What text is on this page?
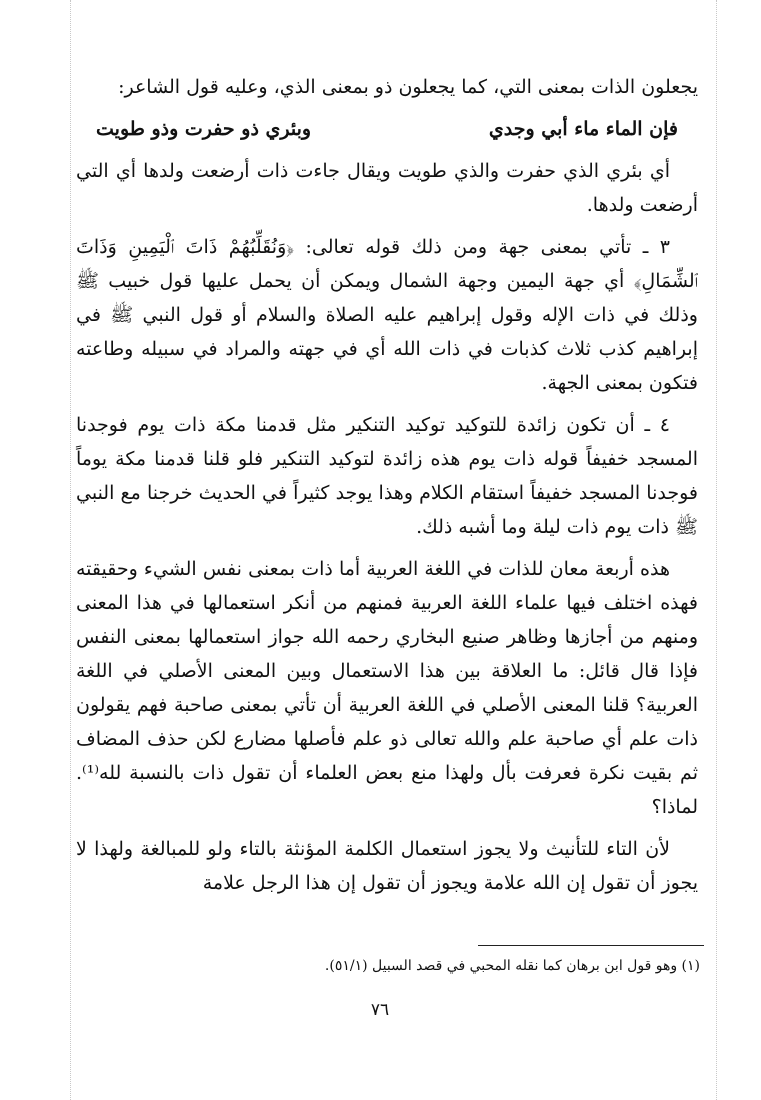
يجعلون الذات بمعنى التي، كما يجعلون ذو بمعنى الذي، وعليه قول الشاعر:

فإن الماء ماء أبي وجدي
وبئري ذو حفرت وذو طويت

أي بئري الذي حفرت والذي طويت ويقال جاءت ذات أرضعت ولدها أي التي أرضعت ولدها.

٣ ـ تأتي بمعنى جهة ومن ذلك قوله تعالى: ﴿وَنُقَلِّبُهُمْ ذَاتَ ٱلْيَمِينِ وَذَاتَ ٱلشِّمَالِ﴾ أي جهة اليمين وجهة الشمال ويمكن أن يحمل عليها قول خبيب ﷺ وذلك في ذات الإله وقول إبراهيم عليه الصلاة والسلام أو قول النبي ﷺ في إبراهيم كذب ثلاث كذبات في ذات الله أي في جهته والمراد في سبيله وطاعته فتكون بمعنى الجهة.

٤ ـ أن تكون زائدة للتوكيد توكيد التنكير مثل قدمنا مكة ذات يوم فوجدنا المسجد خفيفاً قوله ذات يوم هذه زائدة لتوكيد التنكير فلو قلنا قدمنا مكة يوماً فوجدنا المسجد خفيفاً استقام الكلام وهذا يوجد كثيراً في الحديث خرجنا مع النبي ﷺ ذات يوم ذات ليلة وما أشبه ذلك.

هذه أربعة معان للذات في اللغة العربية أما ذات بمعنى نفس الشيء وحقيقته فهذه اختلف فيها علماء اللغة العربية فمنهم من أنكر استعمالها في هذا المعنى ومنهم من أجازها وظاهر صنيع البخاري رحمه الله جواز استعمالها بمعنى النفس فإذا قال قائل: ما العلاقة بين هذا الاستعمال وبين المعنى الأصلي في اللغة العربية؟ قلنا المعنى الأصلي في اللغة العربية أن تأتي بمعنى صاحبة فهم يقولون ذات علم أي صاحبة علم والله تعالى ذو علم فأصلها مضارع لكن حذف المضاف ثم بقيت نكرة فعرفت بأل ولهذا منع بعض العلماء أن تقول ذات بالنسبة لله⁽¹⁾. لماذا؟

لأن التاء للتأنيث ولا يجوز استعمال الكلمة المؤنثة بالتاء ولو للمبالغة ولهذا لا يجوز أن تقول إن الله علامة ويجوز أن تقول إن هذا الرجل علامة

(١) وهو قول ابن برهان كما نقله المحبي في قصد السبيل (٥١/١).
٧٦
